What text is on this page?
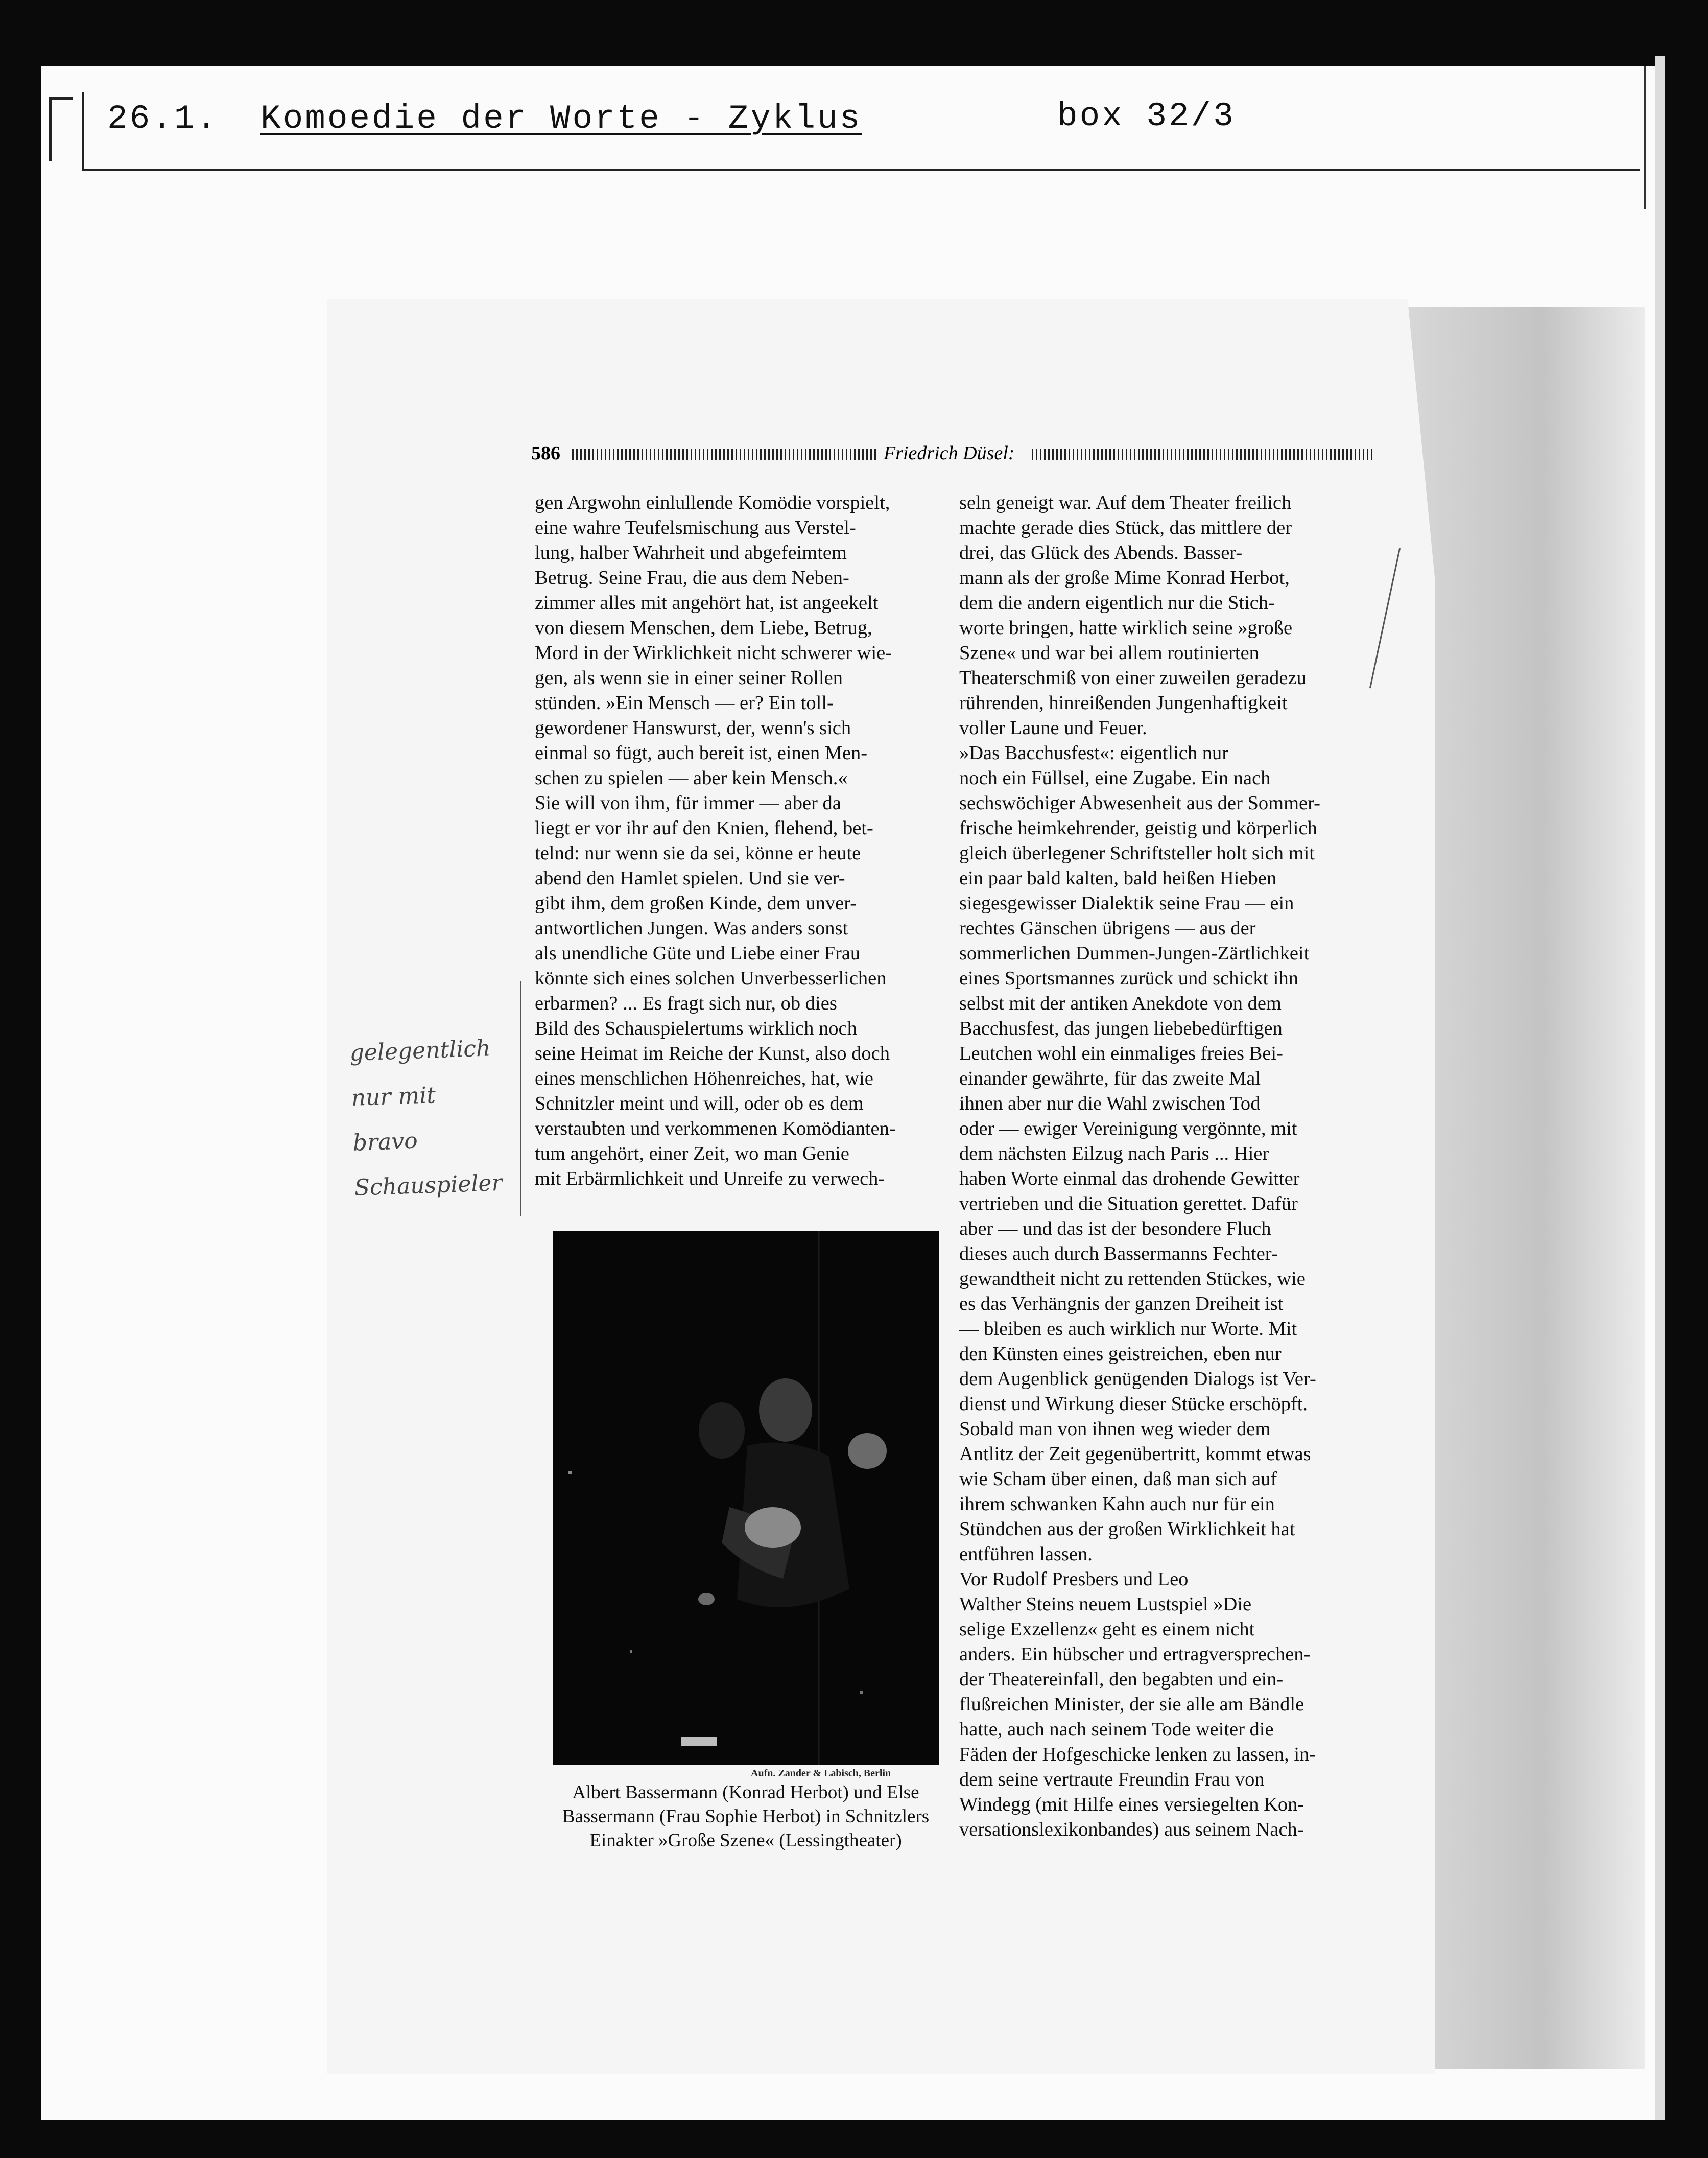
26.1. Komoedie der Worte - Zyklus	box 32/3
586	Friedrich Düsel:
gen Argwohn einlullende Komödie vorspielt,
eine wahre Teufelsmischung aus Verstel-
lung, halber Wahrheit und abgefeimtem
Betrug. Seine Frau, die aus dem Neben-
zimmer alles mit angehört hat, ist angeekelt
von diesem Menschen, dem Liebe, Betrug,
Mord in der Wirklichkeit nicht schwerer wie-
gen, als wenn sie in einer seiner Rollen
stünden. »Ein Mensch — er? Ein toll-
gewordener Hanswurst, der, wenn's sich
einmal so fügt, auch bereit ist, einen Men-
schen zu spielen — aber kein Mensch.«
Sie will von ihm, für immer — aber da
liegt er vor ihr auf den Knien, flehend, bet-
telnd: nur wenn sie da sei, könne er heute
abend den Hamlet spielen. Und sie ver-
gibt ihm, dem großen Kinde, dem unver-
antwortlichen Jungen. Was anders sonst
als unendliche Güte und Liebe einer Frau
könnte sich eines solchen Unverbesserlichen
erbarmen? ... Es fragt sich nur, ob dies
Bild des Schauspielertums wirklich noch
seine Heimat im Reiche der Kunst, also doch
eines menschlichen Höhenreiches, hat, wie
Schnitzler meint und will, oder ob es dem
verstaubten und verkommenen Komödianten-
tum angehört, einer Zeit, wo man Genie
mit Erbärmlichkeit und Unreife zu verwech-
seln geneigt war. Auf dem Theater freilich
machte gerade dies Stück, das mittlere der
drei, das Glück des Abends. Basser-
mann als der große Mime Konrad Herbot,
dem die andern eigentlich nur die Stich-
worte bringen, hatte wirklich seine »große
Szene« und war bei allem routinierten
Theaterschmiß von einer zuweilen geradezu
rührenden, hinreißenden Jungenhaftigkeit
voller Laune und Feuer.
»Das Bacchusfest«: eigentlich nur
noch ein Füllsel, eine Zugabe. Ein nach
sechswöchiger Abwesenheit aus der Sommer-
frische heimkehrender, geistig und körperlich
gleich überlegener Schriftsteller holt sich mit
ein paar bald kalten, bald heißen Hieben
siegesgewisser Dialektik seine Frau — ein
rechtes Gänschen übrigens — aus der
sommerlichen Dummen-Jungen-Zärtlichkeit
eines Sportsmannes zurück und schickt ihn
selbst mit der antiken Anekdote von dem
Bacchusfest, das jungen liebebedürftigen
Leutchen wohl ein einmaliges freies Bei-
einander gewährte, für das zweite Mal
ihnen aber nur die Wahl zwischen Tod
oder — ewiger Vereinigung vergönnte, mit
dem nächsten Eilzug nach Paris ... Hier
haben Worte einmal das drohende Gewitter
vertrieben und die Situation gerettet. Dafür
aber — und das ist der besondere Fluch
dieses auch durch Bassermanns Fechter-
gewandtheit nicht zu rettenden Stückes, wie
es das Verhängnis der ganzen Dreiheit ist
— bleiben es auch wirklich nur Worte. Mit
den Künsten eines geistreichen, eben nur
dem Augenblick genügenden Dialogs ist Ver-
dienst und Wirkung dieser Stücke erschöpft.
Sobald man von ihnen weg wieder dem
Antlitz der Zeit gegenübertritt, kommt etwas
wie Scham über einen, daß man sich auf
ihrem schwanken Kahn auch nur für ein
Stündchen aus der großen Wirklichkeit hat
entführen lassen.
Vor Rudolf Presbers und Leo
Walther Steins neuem Lustspiel »Die
selige Exzellenz« geht es einem nicht
anders. Ein hübscher und ertragversprechen-
der Theatereinfall, den begabten und ein-
flußreichen Minister, der sie alle am Bändle
hatte, auch nach seinem Tode weiter die
Fäden der Hofgeschicke lenken zu lassen, in-
dem seine vertraute Freundin Frau von
Windegg (mit Hilfe eines versiegelten Kon-
versationslexikonbandes) aus seinem Nach-
Aufn. Zander & Labisch, Berlin
Albert Bassermann (Konrad Herbot) und Else
Bassermann (Frau Sophie Herbot) in Schnitzlers
Einakter »Große Szene« (Lessingtheater)
gelegentlich
nur mit
bravo
Schauspieler
